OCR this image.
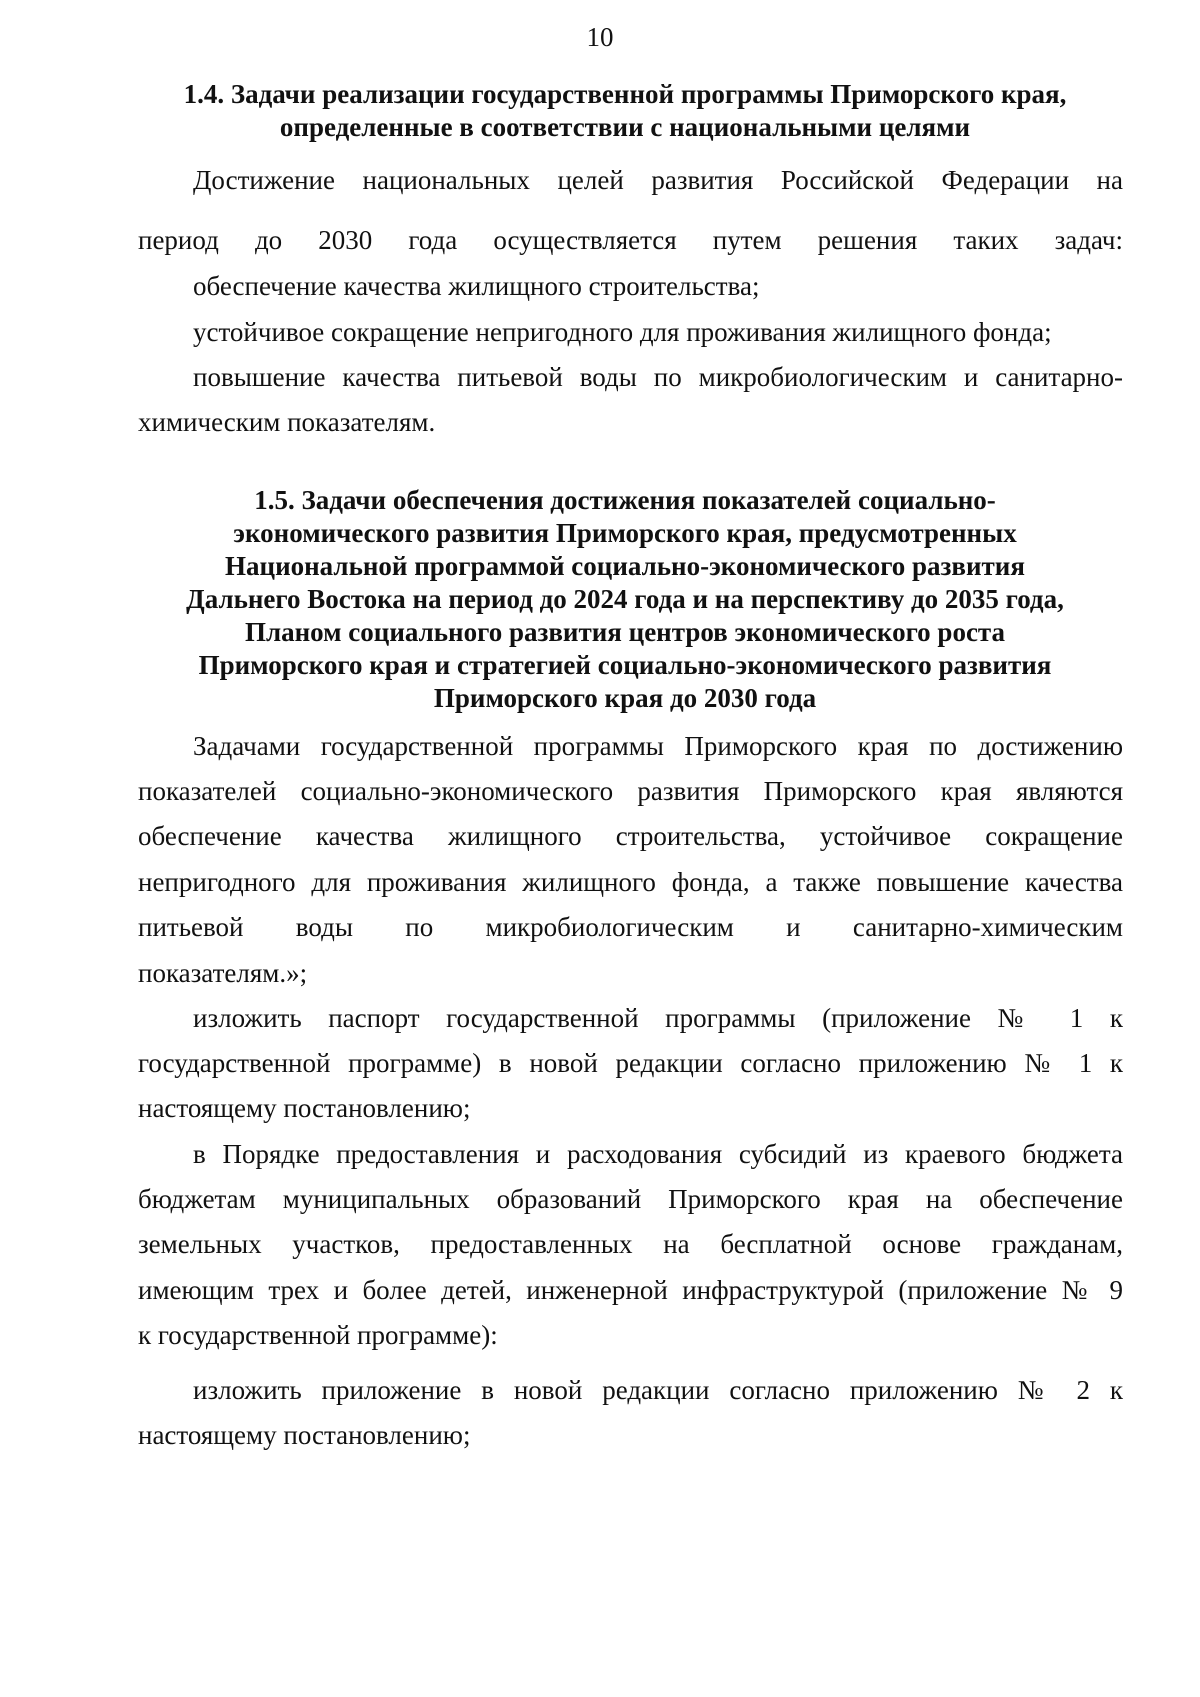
10
1.4. Задачи реализации государственной программы Приморского края,
определенные в соответствии с национальными целями
Достижение национальных целей развития Российской Федерации на
период до 2030 года осуществляется путем решения таких задач:
обеспечение качества жилищного строительства;
устойчивое сокращение непригодного для проживания жилищного фонда;
повышение качества питьевой воды по микробиологическим и санитарно-
химическим показателям.
1.5. Задачи обеспечения достижения показателей социально-
экономического развития Приморского края, предусмотренных
Национальной программой социально-экономического развития
Дальнего Востока на период до 2024 года и на перспективу до 2035 года,
Планом социального развития центров экономического роста
Приморского края и стратегией социально-экономического развития
Приморского края до 2030 года
Задачами государственной программы Приморского края по достижению
показателей социально-экономического развития Приморского края являются
обеспечение качества жилищного строительства, устойчивое сокращение
непригодного для проживания жилищного фонда, а также повышение качества
питьевой воды по микробиологическим и санитарно-химическим
показателям.»;
изложить паспорт государственной программы (приложение № 1 к
государственной программе) в новой редакции согласно приложению № 1 к
настоящему постановлению;
в Порядке предоставления и расходования субсидий из краевого бюджета
бюджетам муниципальных образований Приморского края на обеспечение
земельных участков, предоставленных на бесплатной основе гражданам,
имеющим трех и более детей, инженерной инфраструктурой (приложение № 9
к государственной программе):
изложить приложение в новой редакции согласно приложению № 2 к
настоящему постановлению;
